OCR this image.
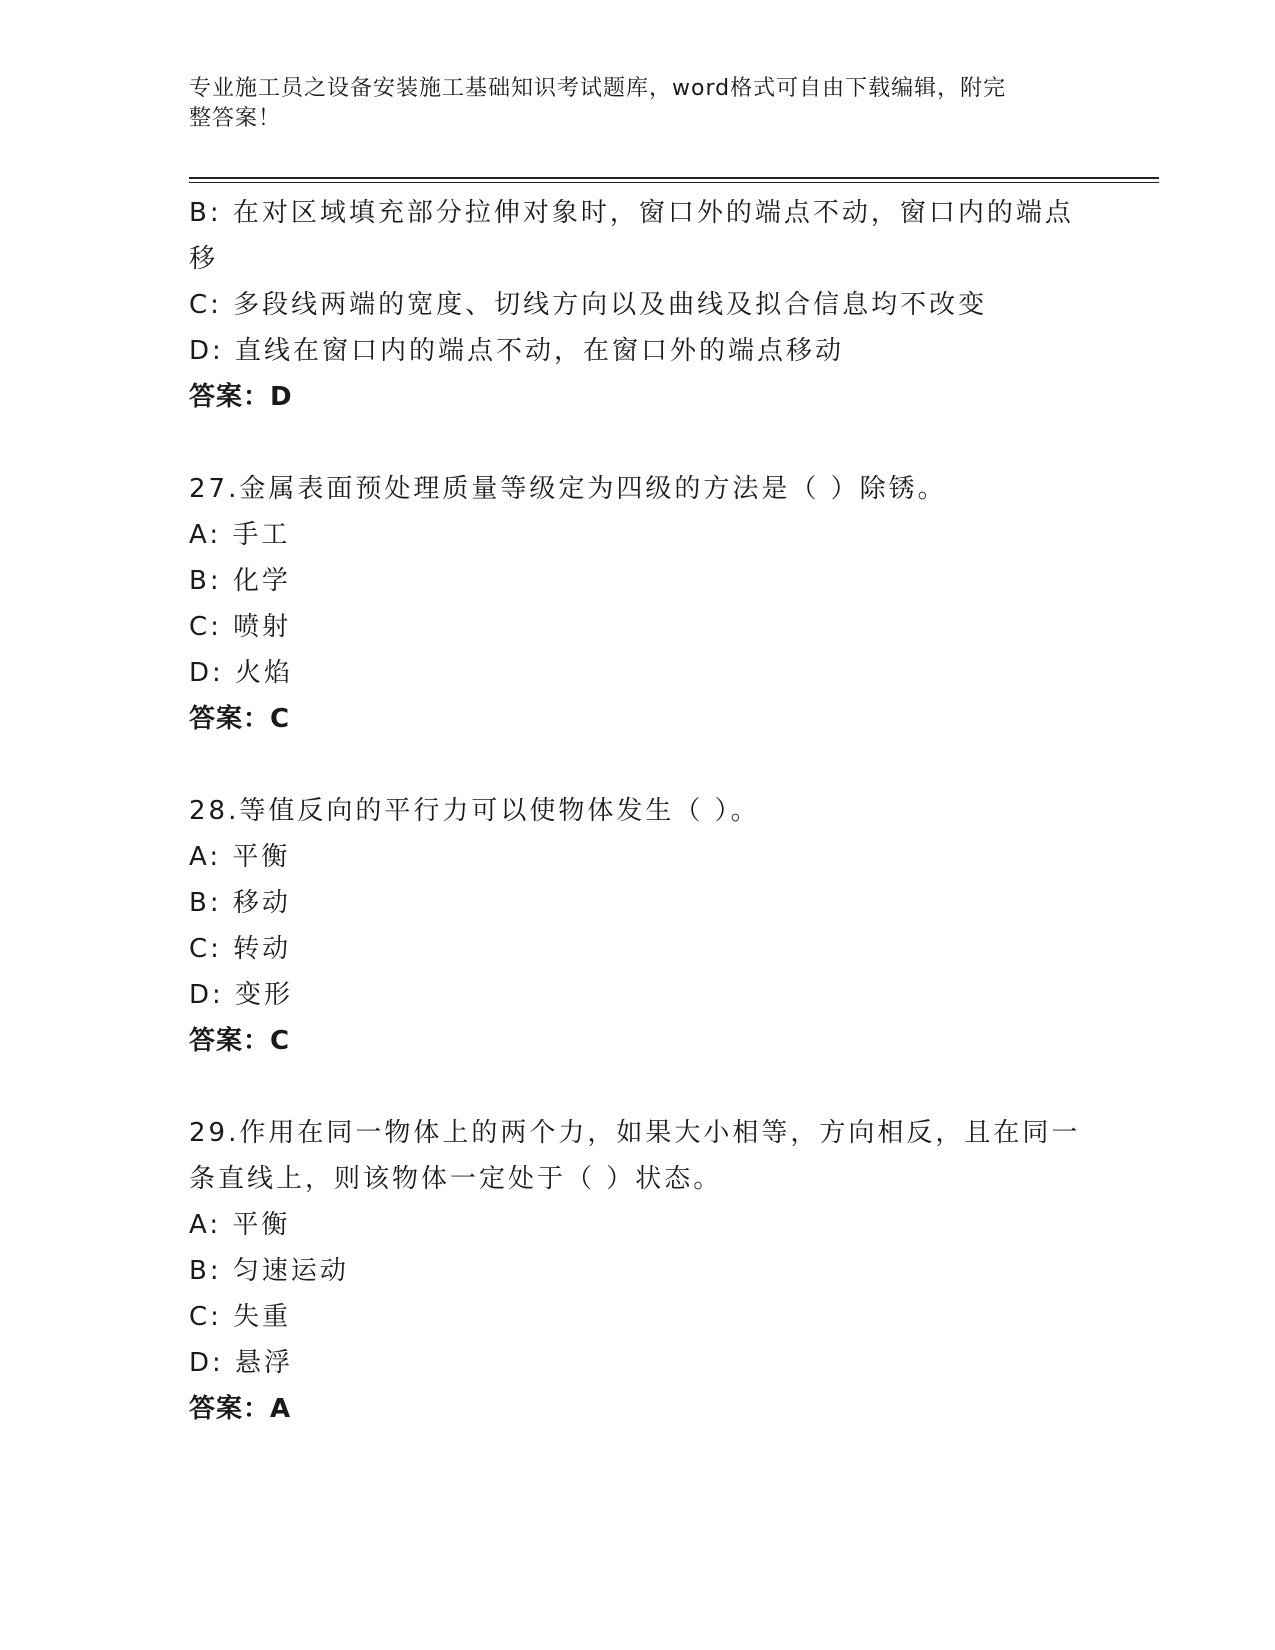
专业施工员之设备安装施工基础知识考试题库，word格式可自由下载编辑，附完
整答案！
B: 在对区域填充部分拉伸对象时，窗口外的端点不动，窗口内的端点
移
C: 多段线两端的宽度、切线方向以及曲线及拟合信息均不改变
D: 直线在窗口内的端点不动，在窗口外的端点移动
答案：D
27.金属表面预处理质量等级定为四级的方法是（ ）除锈。
A: 手工
B: 化学
C: 喷射
D: 火焰
答案：C
28.等值反向的平行力可以使物体发生（ ）。
A: 平衡
B: 移动
C: 转动
D: 变形
答案：C
29.作用在同一物体上的两个力，如果大小相等，方向相反，且在同一
条直线上，则该物体一定处于（ ）状态。
A: 平衡
B: 匀速运动
C: 失重
D: 悬浮
答案：A
